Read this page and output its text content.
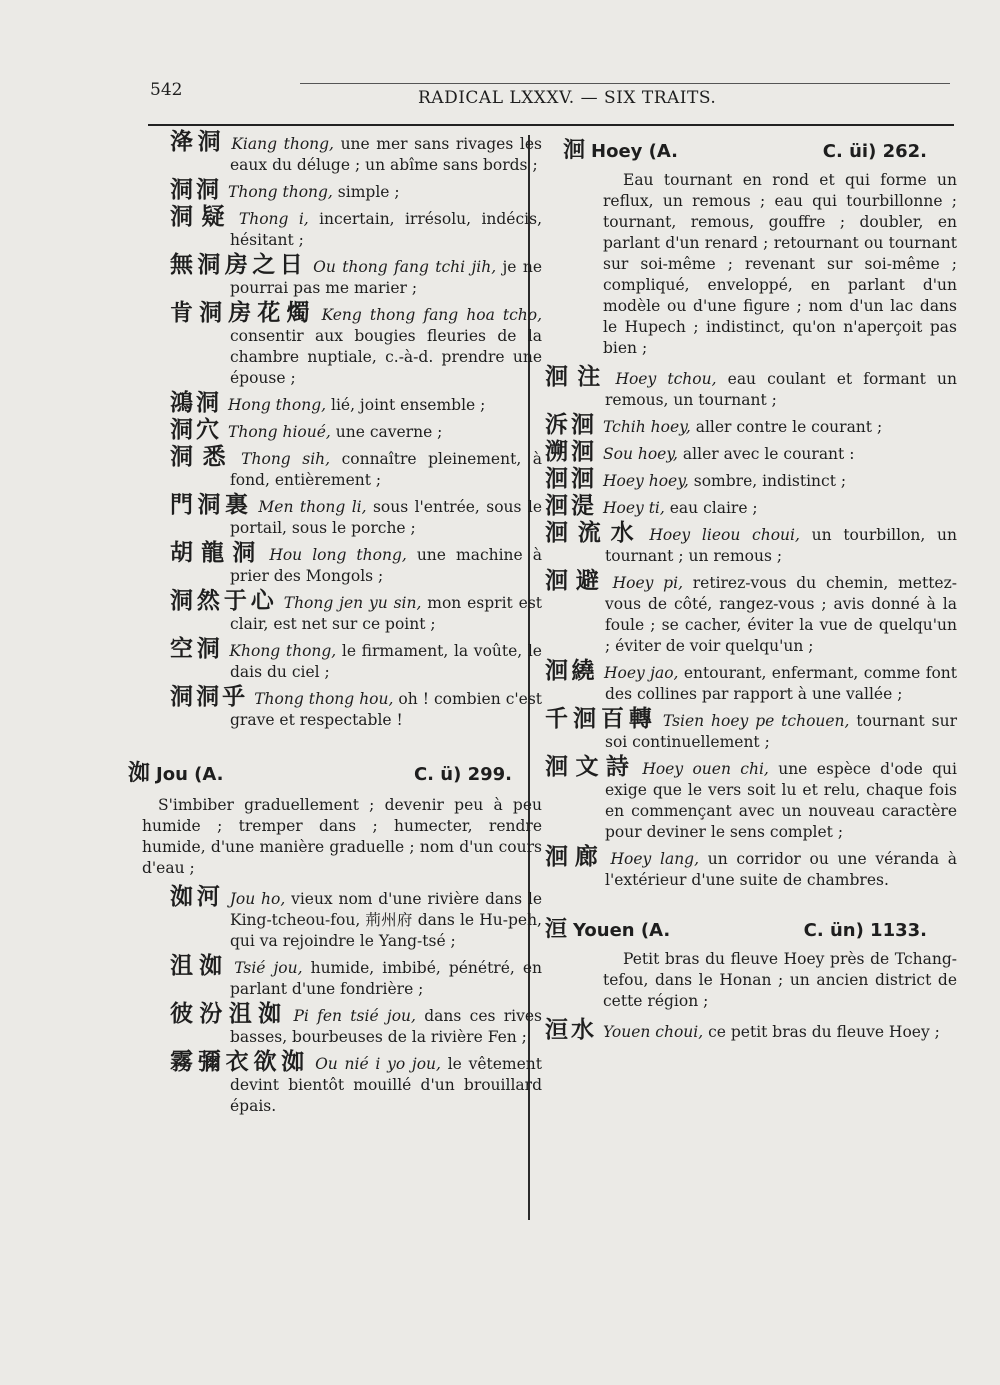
542	RADICAL LXXXV. — SIX TRAITS.
洚洞 Kiang thong, une mer sans rivages les eaux du déluge ; un abîme sans bords ;
洞洞 Thong thong, simple ;
洞疑 Thong i, incertain, irrésolu, indécis, hésitant ;
無洞房之日 Ou thong fang tchi jih, je ne pourrai pas me marier ;
肯洞房花燭 Keng thong fang hoa tcho, consentir aux bougies fleuries de la chambre nuptiale, c.-à-d. prendre une épouse ;
鴻洞 Hong thong, lié, joint ensemble ;
洞穴 Thong hioué, une caverne ;
洞悉 Thong sih, connaître pleinement, à fond, entièrement ;
門洞裏 Men thong li, sous l'entrée, sous le portail, sous le porche ;
胡龍洞 Hou long thong, une machine à prier des Mongols ;
洞然于心 Thong jen yu sin, mon esprit est clair, est net sur ce point ;
空洞 Khong thong, le firmament, la voûte, le dais du ciel ;
洞洞乎 Thong thong hou, oh ! combien c'est grave et respectable !
洳 Jou (A.	C. ü) 299.
S'imbiber graduellement ; devenir peu à peu humide ; tremper dans ; humecter, rendre humide, d'une manière graduelle ; nom d'un cours d'eau ;
洳河 Jou ho, vieux nom d'une rivière dans le King-tcheou-fou, 荊州府 dans le Hu-peh, qui va rejoindre le Yang-tsé ;
沮洳 Tsié jou, humide, imbibé, pénétré, en parlant d'une fondrière ;
彼汾沮洳 Pi fen tsié jou, dans ces rives basses, bourbeuses de la rivière Fen ;
霧彌衣欲洳 Ou nié i yo jou, le vêtement devint bientôt mouillé d'un brouillard épais.
洄 Hoey (A.	C. üi) 262.
Eau tournant en rond et qui forme un reflux, un remous ; eau qui tourbillonne ; tournant, remous, gouffre ; doubler, en parlant d'un renard ; retournant ou tournant sur soi-même ; revenant sur soi-même ; compliqué, enveloppé, en parlant d'un modèle ou d'une figure ; nom d'un lac dans le Hupech ; indistinct, qu'on n'aperçoit pas bien ;
洄注 Hoey tchou, eau coulant et formant un remous, un tournant ;
泝洄 Tchih hoey, aller contre le courant ;
溯洄 Sou hoey, aller avec le courant :
洄洄 Hoey hoey, sombre, indistinct ;
洄湜 Hoey ti, eau claire ;
洄流水 Hoey lieou choui, un tourbillon, un tournant ; un remous ;
洄避 Hoey pi, retirez-vous du chemin, mettez-vous de côté, rangez-vous ; avis donné à la foule ; se cacher, éviter la vue de quelqu'un ; éviter de voir quelqu'un ;
洄繞 Hoey jao, entourant, enfermant, comme font des collines par rapport à une vallée ;
千洄百轉 Tsien hoey pe tchouen, tournant sur soi continuellement ;
洄文詩 Hoey ouen chi, une espèce d'ode qui exige que le vers soit lu et relu, chaque fois en commençant avec un nouveau caractère pour deviner le sens complet ;
洄廊 Hoey lang, un corridor ou une véranda à l'extérieur d'une suite de chambres.
洹 Youen (A.	C. ün) 1133.
Petit bras du fleuve Hoey près de Tchang-tefou, dans le Honan ; un ancien district de cette région ;
洹水 Youen choui, ce petit bras du fleuve Hoey ;
